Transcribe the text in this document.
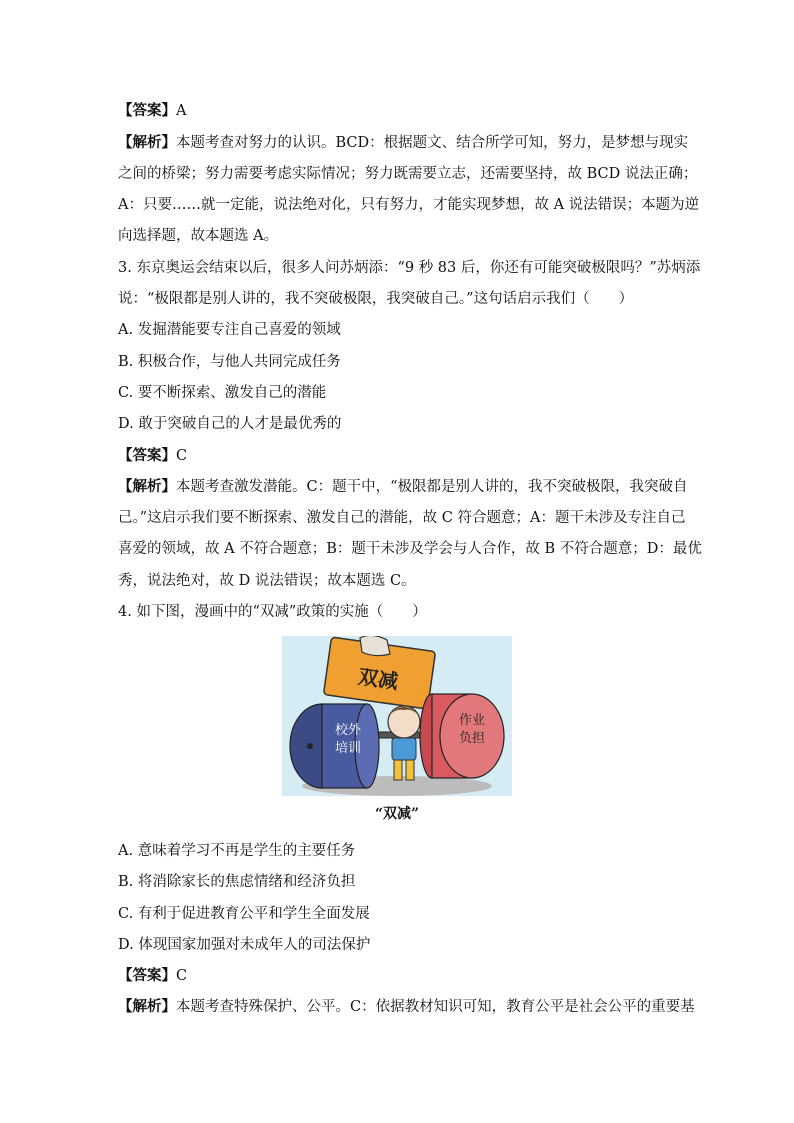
【答案】A
【解析】本题考查对努力的认识。BCD：根据题文、结合所学可知，努力，是梦想与现实
之间的桥梁；努力需要考虑实际情况；努力既需要立志，还需要坚持，故 BCD 说法正确；
A：只要……就一定能，说法绝对化，只有努力，才能实现梦想，故 A 说法错误；本题为逆
向选择题，故本题选 A。
3. 东京奥运会结束以后，很多人问苏炳添：“9 秒 83 后，你还有可能突破极限吗？”苏炳添
说：“极限都是别人讲的，我不突破极限，我突破自己。”这句话启示我们（　　）
A. 发掘潜能要专注自己喜爱的领域
B. 积极合作，与他人共同完成任务
C. 要不断探索、激发自己的潜能
D. 敢于突破自己的人才是最优秀的
【答案】C
【解析】本题考查激发潜能。C：题干中，“极限都是别人讲的，我不突破极限，我突破自
己。”这启示我们要不断探索、激发自己的潜能，故 C 符合题意；A：题干未涉及专注自己
喜爱的领域，故 A 不符合题意；B：题干未涉及学会与人合作，故 B 不符合题意；D：最优
秀，说法绝对，故 D 说法错误；故本题选 C。
4. 如下图，漫画中的“双减”政策的实施（　　）
双减
校外
培训
作业
负担
“双减”
A. 意味着学习不再是学生的主要任务
B. 将消除家长的焦虑情绪和经济负担
C. 有利于促进教育公平和学生全面发展
D. 体现国家加强对未成年人的司法保护
【答案】C
【解析】本题考查特殊保护、公平。C：依据教材知识可知，教育公平是社会公平的重要基
